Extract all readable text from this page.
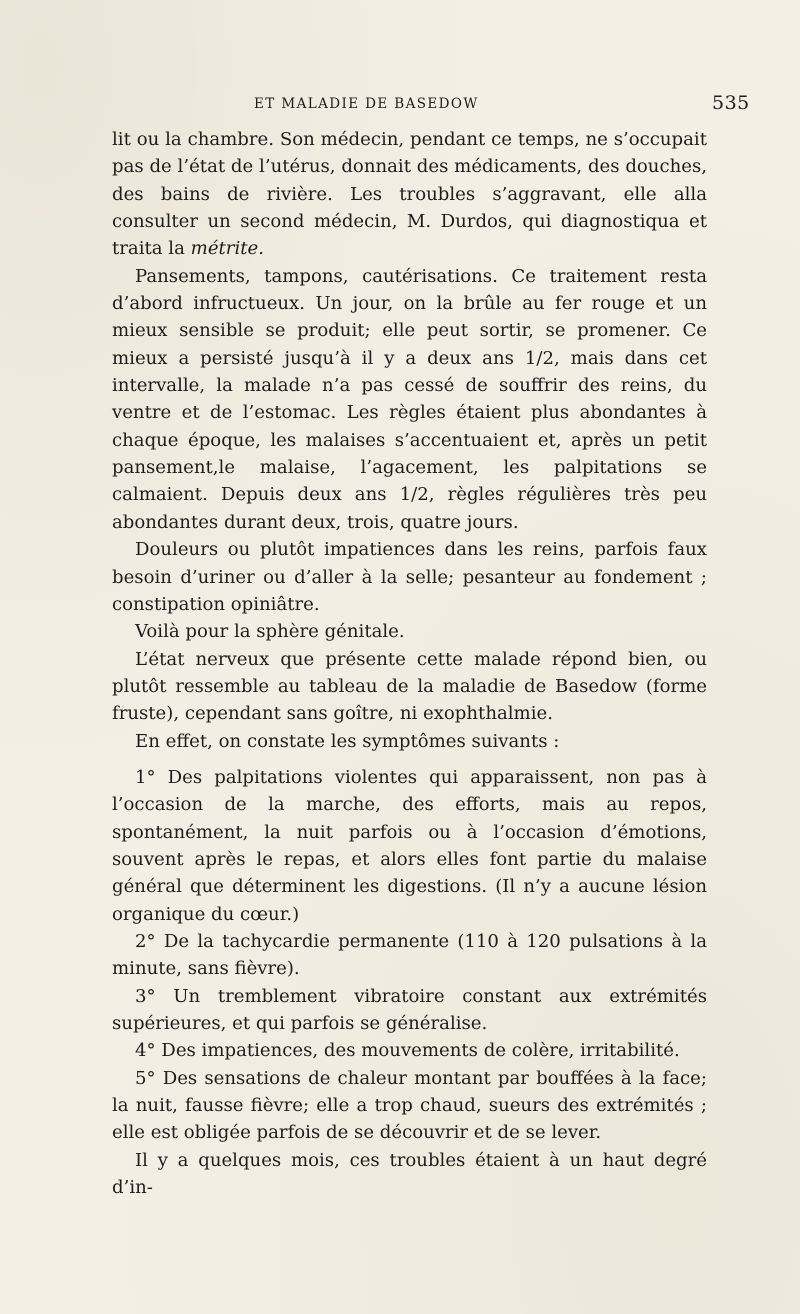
ET MALADIE DE BASEDOW	535

lit ou la chambre. Son médecin, pendant ce temps, ne s’occupait pas de l’état de l’utérus, donnait des médicaments, des douches, des bains de rivière. Les troubles s’aggravant, elle alla consulter un second médecin, M. Durdos, qui diagnostiqua et traita la métrite.

Pansements, tampons, cautérisations. Ce traitement resta d’abord infructueux. Un jour, on la brûle au fer rouge et un mieux sensible se produit; elle peut sortir, se promener. Ce mieux a persisté jusqu’à il y a deux ans 1/2, mais dans cet intervalle, la malade n’a pas cessé de souffrir des reins, du ventre et de l’estomac. Les règles étaient plus abondantes à chaque époque, les malaises s’accentuaient et, après un petit pansement,le malaise, l’agacement, les palpitations se calmaient. Depuis deux ans 1/2, règles régulières très peu abondantes durant deux, trois, quatre jours.

Douleurs ou plutôt impatiences dans les reins, parfois faux besoin d’uriner ou d’aller à la selle; pesanteur au fondement ; constipation opiniâtre.

Voilà pour la sphère génitale.

L’état nerveux que présente cette malade répond bien, ou plutôt ressemble au tableau de la maladie de Basedow (forme fruste), cependant sans goître, ni exophthalmie.

En effet, on constate les symptômes suivants :

1° Des palpitations violentes qui apparaissent, non pas à l’occasion de la marche, des efforts, mais au repos, spontanément, la nuit parfois ou à l’occasion d’émotions, souvent après le repas, et alors elles font partie du malaise général que déterminent les digestions. (Il n’y a aucune lésion organique du cœur.)

2° De la tachycardie permanente (110 à 120 pulsations à la minute, sans fièvre).

3° Un tremblement vibratoire constant aux extrémités supérieures, et qui parfois se généralise.

4° Des impatiences, des mouvements de colère, irritabilité.

5° Des sensations de chaleur montant par bouffées à la face; la nuit, fausse fièvre; elle a trop chaud, sueurs des extrémités ; elle est obligée parfois de se découvrir et de se lever.

Il y a quelques mois, ces troubles étaient à un haut degré d’in-
